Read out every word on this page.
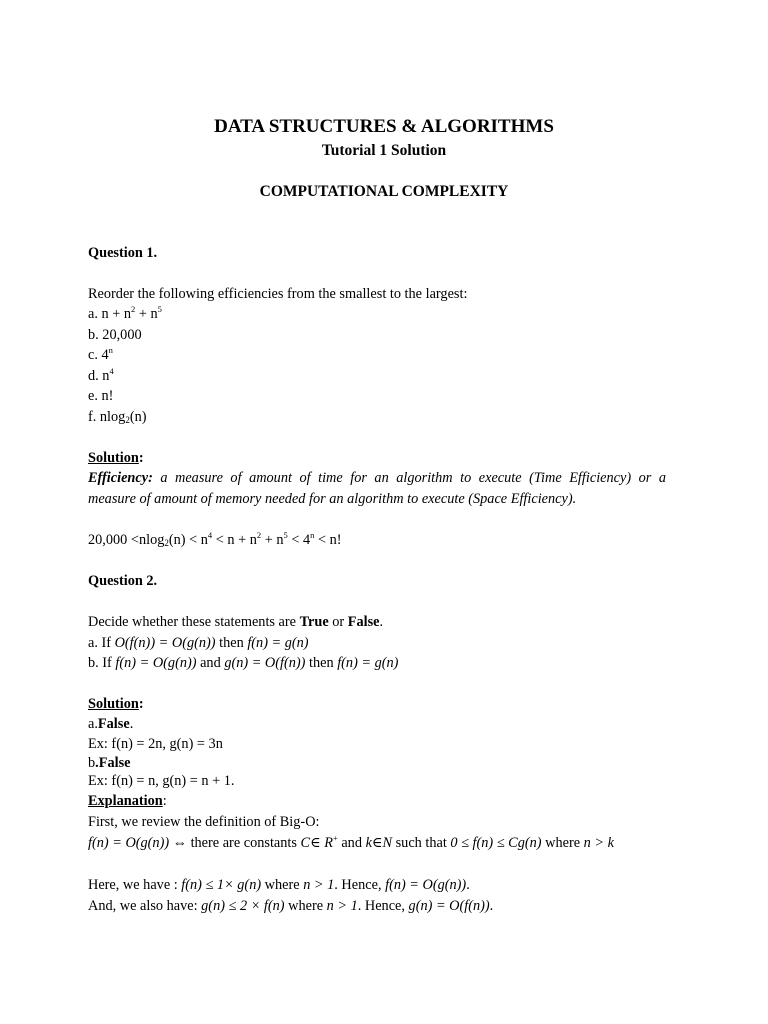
DATA STRUCTURES & ALGORITHMS
Tutorial 1 Solution
COMPUTATIONAL COMPLEXITY
Question 1.
Reorder the following efficiencies from the smallest to the largest:
a. $n + n^2 + n^5$
b. 20,000
c. 4$^n$
d. $n^4$
e. n!
f. nlog$_2$(n)
Solution:
Efficiency: a measure of amount of time for an algorithm to execute (Time Efficiency) or a
measure of amount of memory needed for an algorithm to execute (Space Efficiency).
$20,000 <nlog_2(n) < n^4 < n + n^2 + n^5 < 4^n < n$!
Question 2.
Decide whether these statements are True or False.
a. If O(f(n)) = O(g(n)) then f(n) = g(n)
b. If f(n) = O(g(n)) and g(n) = O(f(n)) then f(n) = g(n)
Solution:
a.False.
Ex: f(n) = 2n, g(n) = 3n
b.False
Ex: f(n) = n, g(n) = n + 1.
Explanation:
First, we review the definition of Big-O:
f(n) = O(g(n)) ⇔ there are constants C∈ R+ and k∈N such that 0 ≤ f(n) ≤ Cg(n) where n > k
Here, we have : f(n) ≤ 1× g(n) where n > 1. Hence, f(n) = O(g(n)).
And, we also have: g(n) ≤ 2 × f(n) where n > 1. Hence, g(n) = O(f(n)).
